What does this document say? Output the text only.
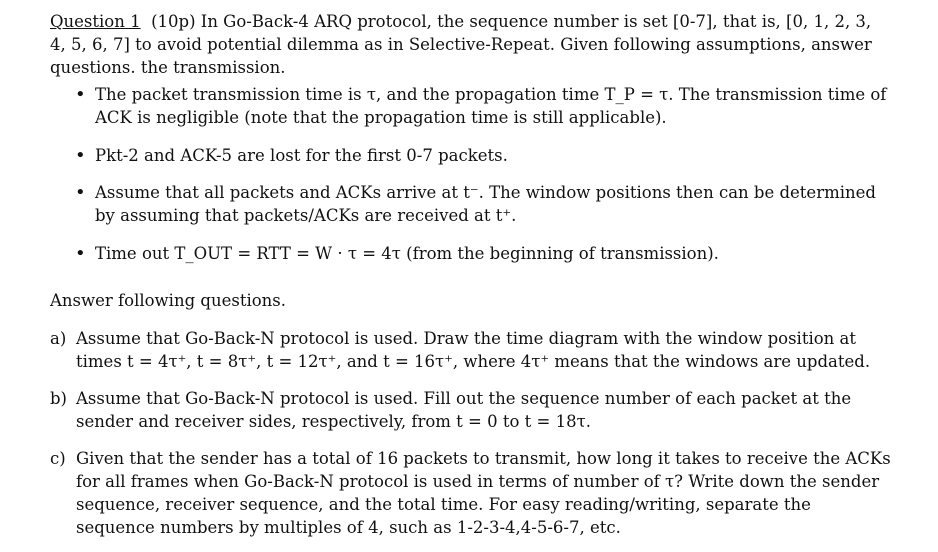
Question 1 (10p) In Go-Back-4 ARQ protocol, the sequence number is set [0-7], that is, [0, 1, 2, 3, 4, 5, 6, 7] to avoid potential dilemma as in Selective-Repeat. Given following assumptions, answer questions. the transmission.
• The packet transmission time is τ, and the propagation time T_P = τ. The transmission time of ACK is negligible (note that the propagation time is still applicable).
• Pkt-2 and ACK-5 are lost for the first 0-7 packets.
• Assume that all packets and ACKs arrive at t⁻. The window positions then can be determined by assuming that packets/ACKs are received at t⁺.
• Time out T_OUT = RTT = W · τ = 4τ (from the beginning of transmission).
Answer following questions.
a) Assume that Go-Back-N protocol is used. Draw the time diagram with the window position at times t = 4τ⁺, t = 8τ⁺, t = 12τ⁺, and t = 16τ⁺, where 4τ⁺ means that the windows are updated.
b) Assume that Go-Back-N protocol is used. Fill out the sequence number of each packet at the sender and receiver sides, respectively, from t = 0 to t = 18τ.
c) Given that the sender has a total of 16 packets to transmit, how long it takes to receive the ACKs for all frames when Go-Back-N protocol is used in terms of number of τ? Write down the sender sequence, receiver sequence, and the total time. For easy reading/writing, separate the sequence numbers by multiples of 4, such as 1-2-3-4,4-5-6-7, etc.
